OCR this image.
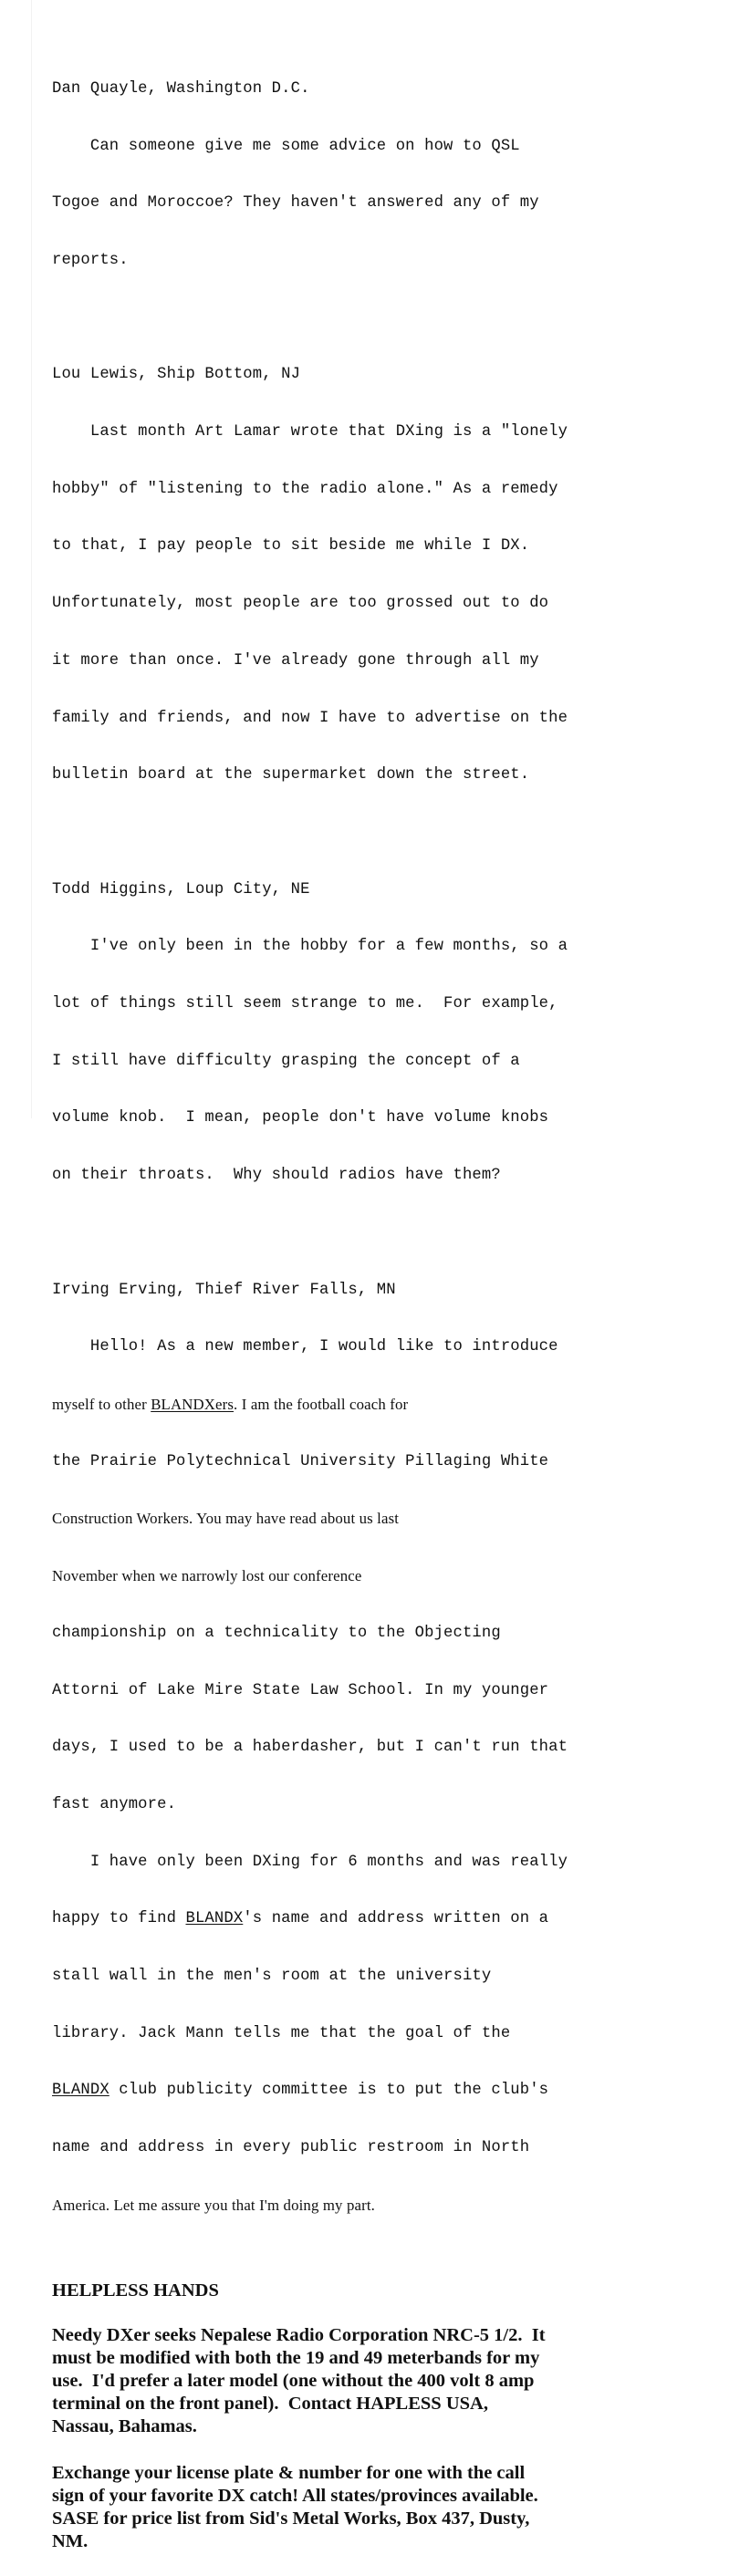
Dan Quayle, Washington D.C.

Can someone give me some advice on how to QSL

Togoe and Moroccoe? They haven't answered any of my

reports.

Lou Lewis, Ship Bottom, NJ

Last month Art Lamar wrote that DXing is a "lonely

hobby" of "listening to the radio alone." As a remedy

to that, I pay people to sit beside me while I DX.

Unfortunately, most people are too grossed out to do

it more than once. I've already gone through all my

family and friends, and now I have to advertise on the

bulletin board at the supermarket down the street.

Todd Higgins, Loup City, NE

I've only been in the hobby for a few months, so a

lot of things still seem strange to me.  For example,

I still have difficulty grasping the concept of a

volume knob.  I mean, people don't have volume knobs

on their throats.  Why should radios have them?

Irving Erving, Thief River Falls, MN

Hello! As a new member, I would like to introduce

myself to other BLANDXers. I am the football coach for

the Prairie Polytechnical University Pillaging White

Construction Workers. You may have read about us last

November when we narrowly lost our conference

championship on a technicality to the Objecting

Attorni of Lake Mire State Law School. In my younger

days, I used to be a haberdasher, but I can't run that

fast anymore.

I have only been DXing for 6 months and was really

happy to find BLANDX's name and address written on a

stall wall in the men's room at the university

library. Jack Mann tells me that the goal of the

BLANDX club publicity committee is to put the club's

name and address in every public restroom in North

America. Let me assure you that I'm doing my part.

HELPLESS HANDS
Needy DXer seeks Nepalese Radio Corporation NRC-5 1/2.  It
must be modified with both the 19 and 49 meterbands for my
use.  I'd prefer a later model (one without the 400 volt 8 amp
terminal on the front panel).  Contact HAPLESS USA,
Nassau, Bahamas.
Exchange your license plate & number for one with the call
sign of your favorite DX catch! All states/provinces available.
SASE for price list from Sid's Metal Works, Box 437, Dusty,
NM.
